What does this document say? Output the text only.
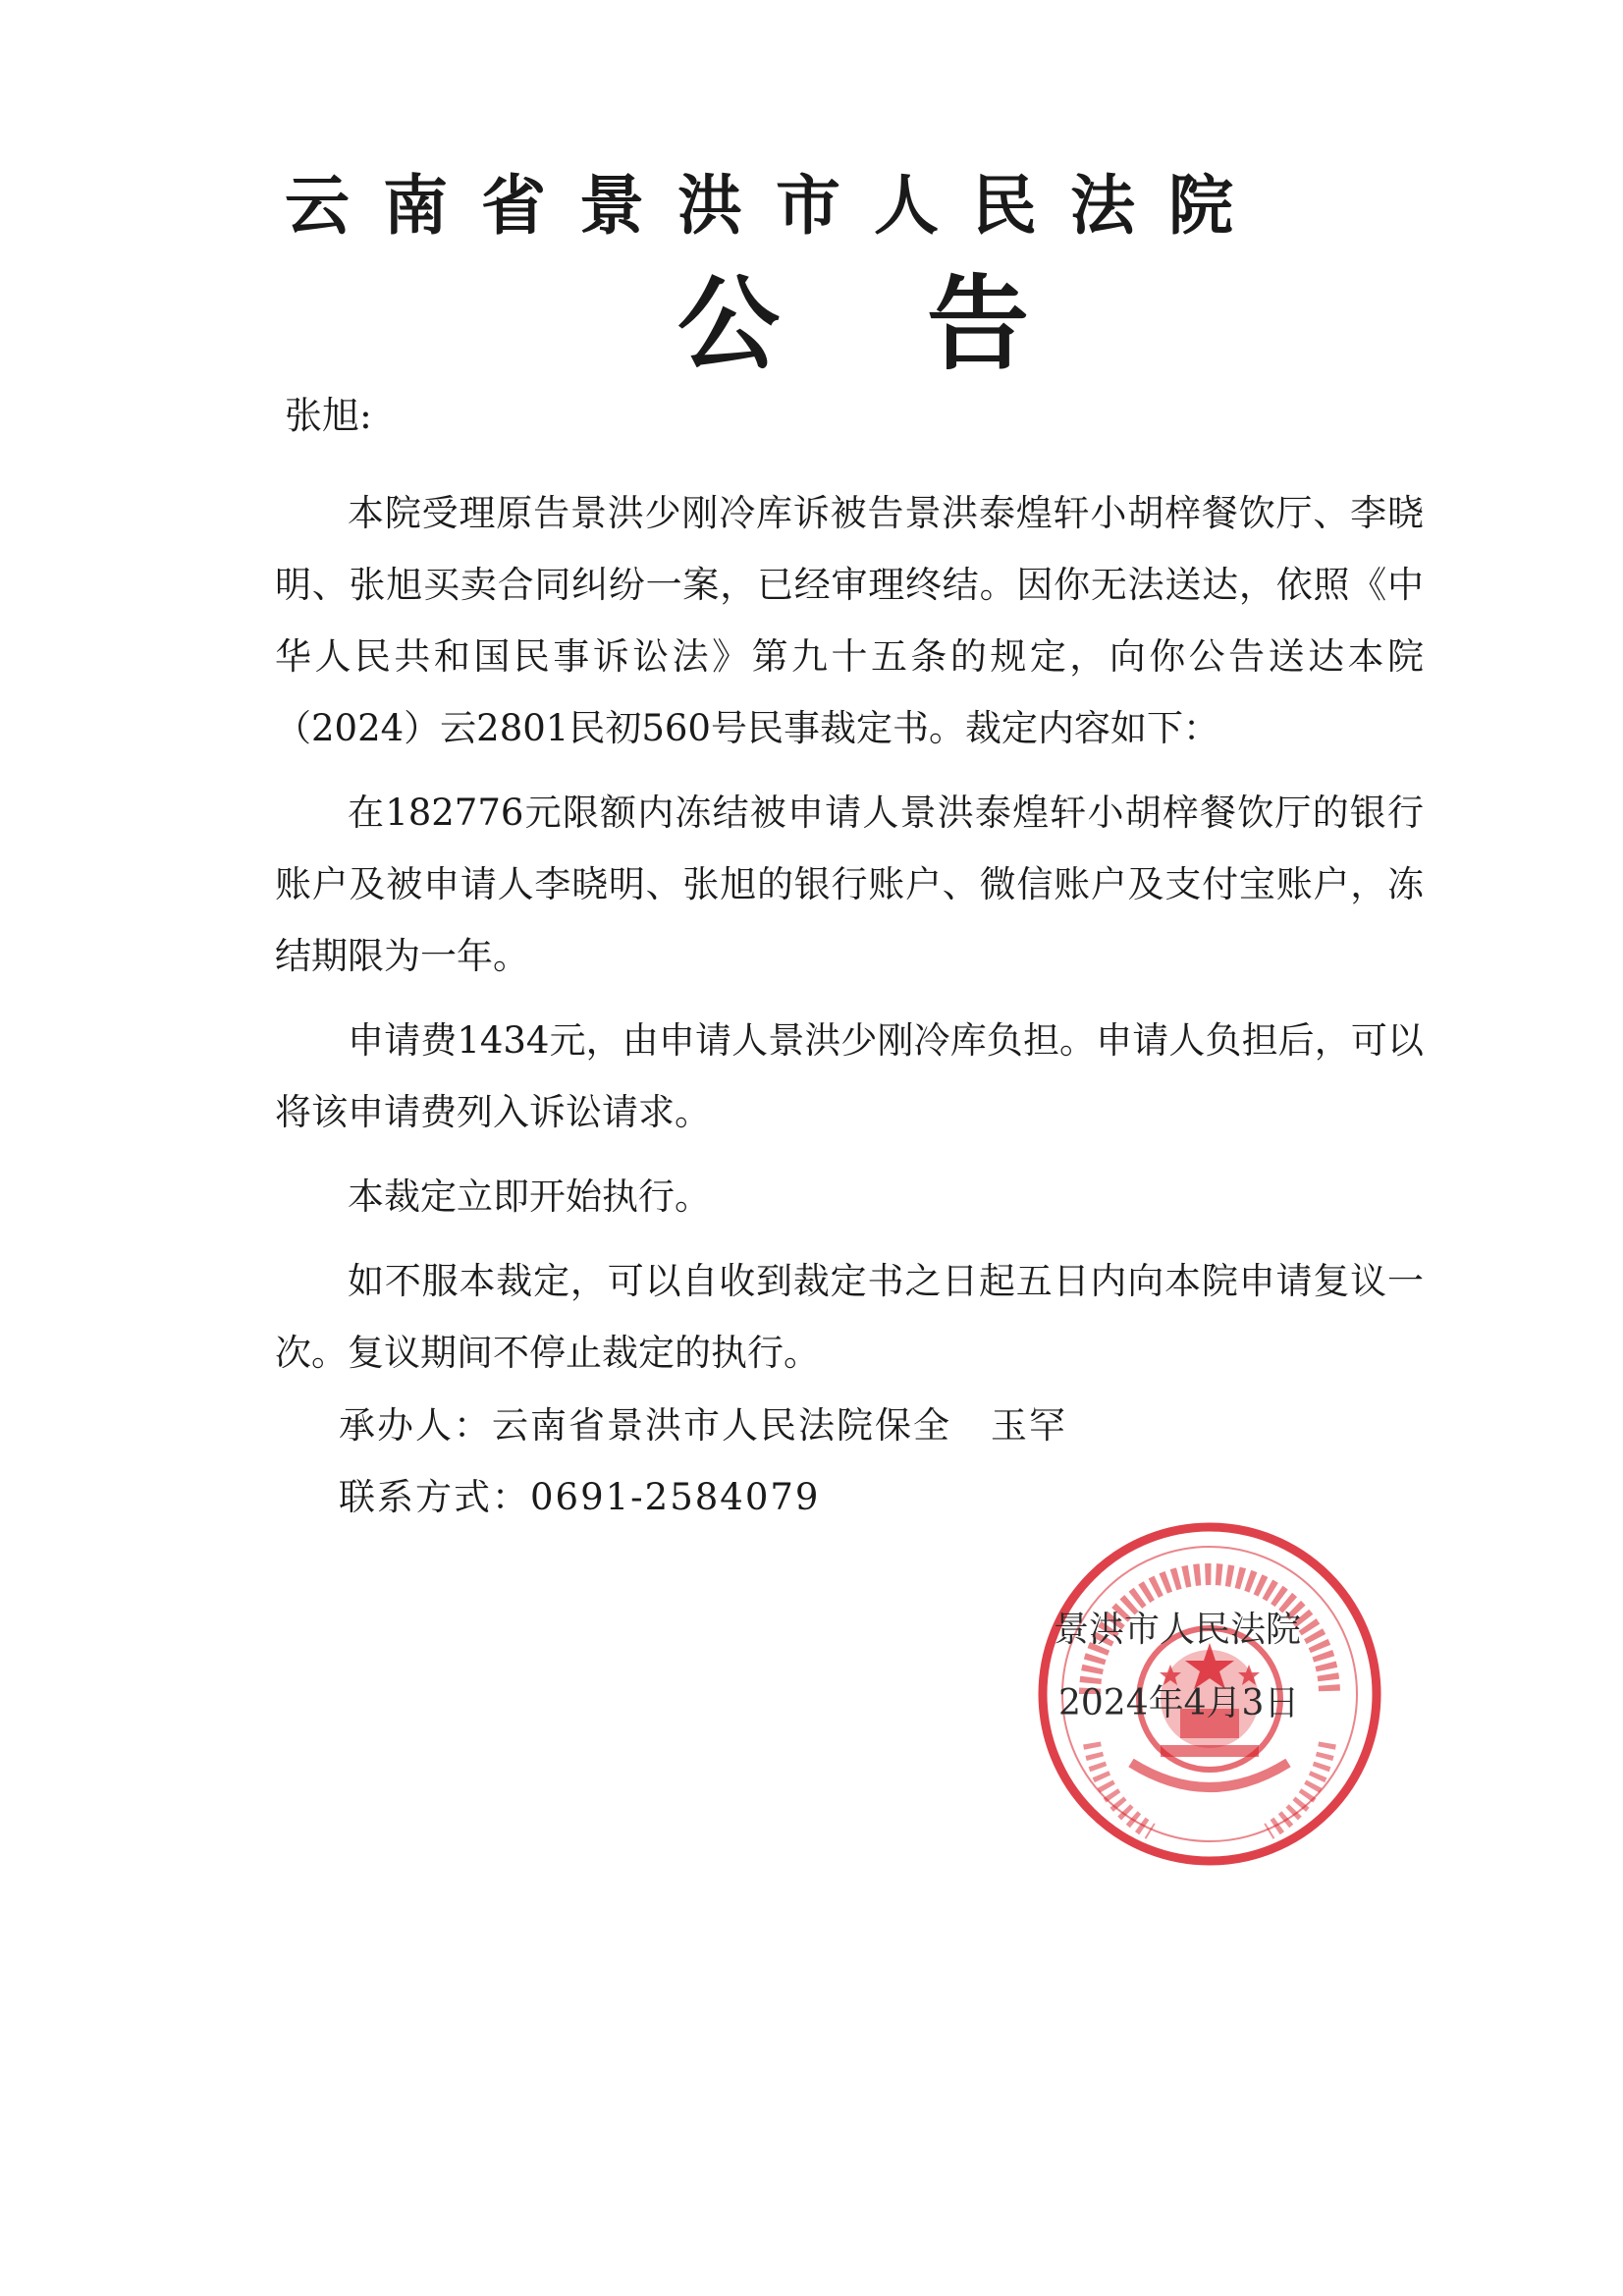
云南省景洪市人民法院
公告
张旭:

本院受理原告景洪少刚冷库诉被告景洪泰煌轩小胡梓餐饮厅、李晓明、张旭买卖合同纠纷一案，已经审理终结。因你无法送达，依照《中华人民共和国民事诉讼法》第九十五条的规定，向你公告送达本院（2024）云2801民初560号民事裁定书。裁定内容如下：

在182776元限额内冻结被申请人景洪泰煌轩小胡梓餐饮厅的银行账户及被申请人李晓明、张旭的银行账户、微信账户及支付宝账户，冻结期限为一年。

申请费1434元，由申请人景洪少刚冷库负担。申请人负担后，可以将该申请费列入诉讼请求。

本裁定立即开始执行。

如不服本裁定，可以自收到裁定书之日起五日内向本院申请复议一次。复议期间不停止裁定的执行。

承办人：云南省景洪市人民法院保全 玉罕
联系方式：0691-2584079
景洪市人民法院
2024年4月3日
